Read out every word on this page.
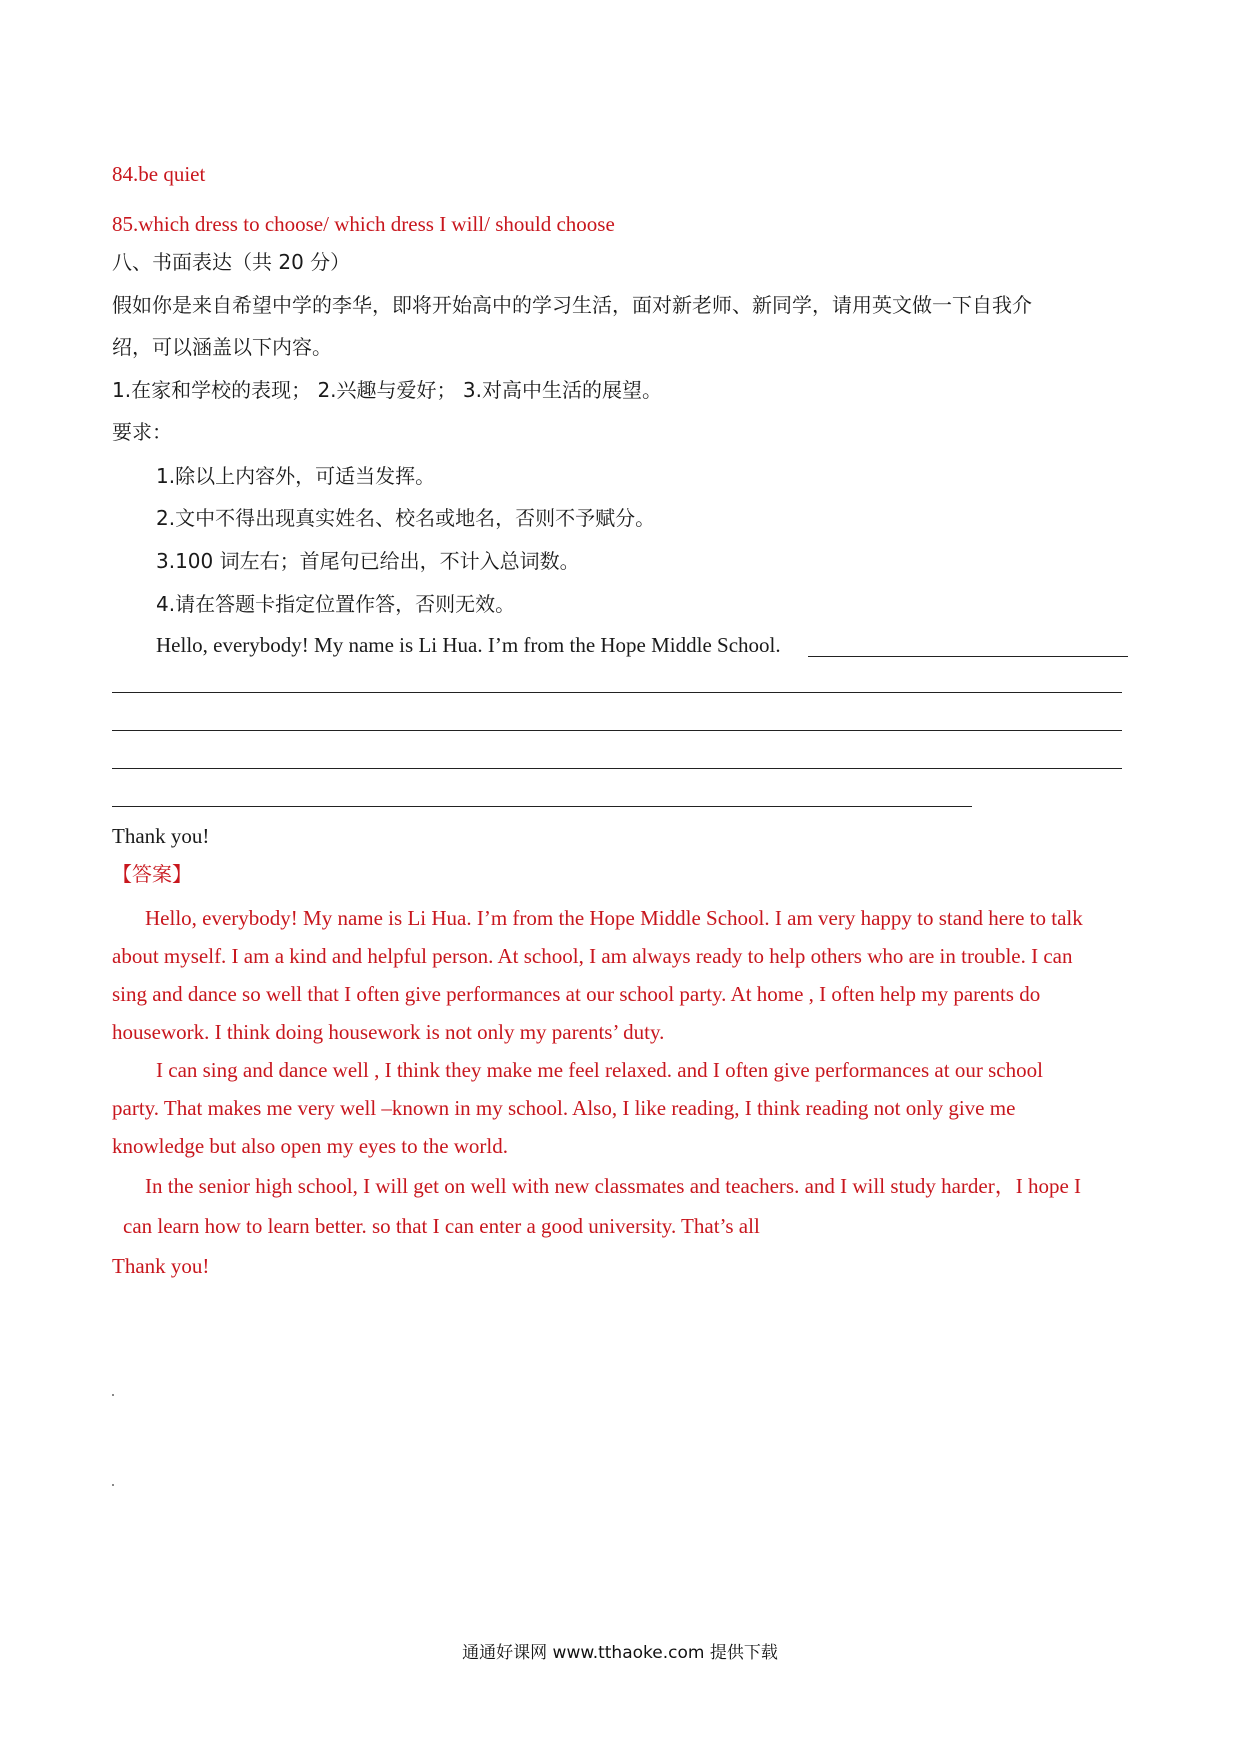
84.be quiet
85.which dress to choose/ which dress I will/ should choose
八、书面表达（共 20 分）
假如你是来自希望中学的李华，即将开始高中的学习生活，面对新老师、新同学，请用英文做一下自我介
绍，可以涵盖以下内容。
1.在家和学校的表现； 2.兴趣与爱好； 3.对高中生活的展望。
要求：
1.除以上内容外，可适当发挥。
2.文中不得出现真实姓名、校名或地名，否则不予赋分。
3.100 词左右；首尾句已给出，不计入总词数。
4.请在答题卡指定位置作答，否则无效。
Hello, everybody! My name is Li Hua. I’m from the Hope Middle School.
Thank you!
【答案】
Hello, everybody! My name is Li Hua. I’m from the Hope Middle School. I am very happy to stand here to talk
about myself. I am a kind and helpful person. At school, I am always ready to help others who are in trouble. I can
sing and dance so well that I often give performances at our school party. At home , I often help my parents do
housework. I think doing housework is not only my parents’ duty.
I can sing and dance well , I think they make me feel relaxed. and I often give performances at our school
party. That makes me very well –known in my school. Also, I like reading, I think reading not only give me
knowledge but also open my eyes to the world.
In the senior high school, I will get on well with new classmates and teachers. and I will study harder，I hope I
can learn how to learn better. so that I can enter a good university. That’s all
Thank you!
通通好课网 www.tthaoke.com 提供下载
